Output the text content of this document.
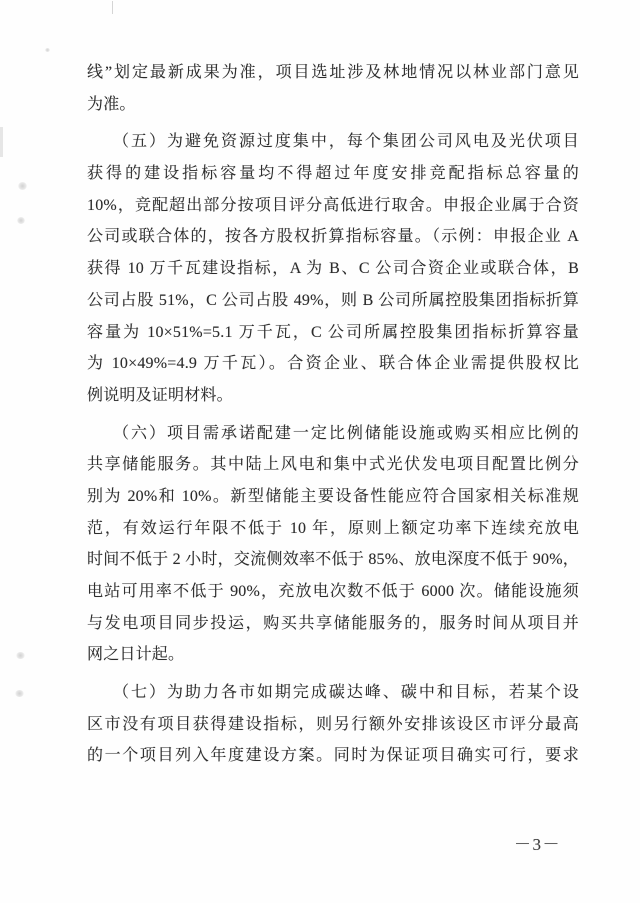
线”划定最新成果为准，项目选址涉及林地情况以林业部门意见
为准。
（五）为避免资源过度集中，每个集团公司风电及光伏项目
获得的建设指标容量均不得超过年度安排竞配指标总容量的
10%，竞配超出部分按项目评分高低进行取舍。申报企业属于合资
公司或联合体的，按各方股权折算指标容量。（示例：申报企业 A
获得 10 万千瓦建设指标，A 为 B、C 公司合资企业或联合体，B
公司占股 51%，C 公司占股 49%，则 B 公司所属控股集团指标折算
容量为 10×51%=5.1 万千瓦，C 公司所属控股集团指标折算容量
为 10×49%=4.9 万千瓦）。合资企业、联合体企业需提供股权比
例说明及证明材料。
（六）项目需承诺配建一定比例储能设施或购买相应比例的
共享储能服务。其中陆上风电和集中式光伏发电项目配置比例分
别为 20%和 10%。新型储能主要设备性能应符合国家相关标准规
范，有效运行年限不低于 10 年，原则上额定功率下连续充放电
时间不低于 2 小时，交流侧效率不低于 85%、放电深度不低于 90%，
电站可用率不低于 90%，充放电次数不低于 6000 次。储能设施须
与发电项目同步投运，购买共享储能服务的，服务时间从项目并
网之日计起。
（七）为助力各市如期完成碳达峰、碳中和目标，若某个设
区市没有项目获得建设指标，则另行额外安排该设区市评分最高
的一个项目列入年度建设方案。同时为保证项目确实可行，要求
－3－
